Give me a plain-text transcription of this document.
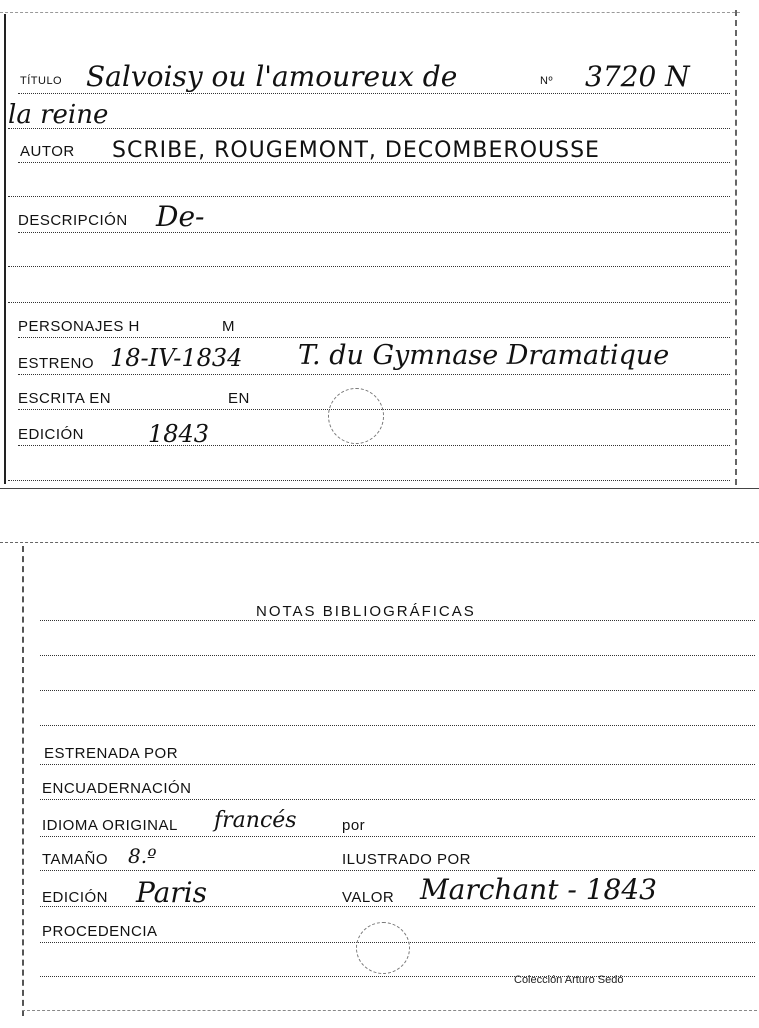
TÍTULO Salvoisy ou l'amoureux de	Nº 3720 N
la reine
AUTOR SCRIBE, ROUGEMONT, DECOMBEROUSSE
DESCRIPCIÓN De-
PERSONAJES H	M
ESTRENO 18-IV-1834 T. du Gymnase Dramatique
ESCRITA EN	EN
EDICIÓN	1843
NOTAS BIBLIOGRÁFICAS
ESTRENADA POR
ENCUADERNACIÓN
IDIOMA ORIGINAL francés	por
TAMAÑO 8.º	ILUSTRADO POR
EDICIÓN Paris	VALOR Marchant - 1843
PROCEDENCIA
Colección Arturo Sedó
